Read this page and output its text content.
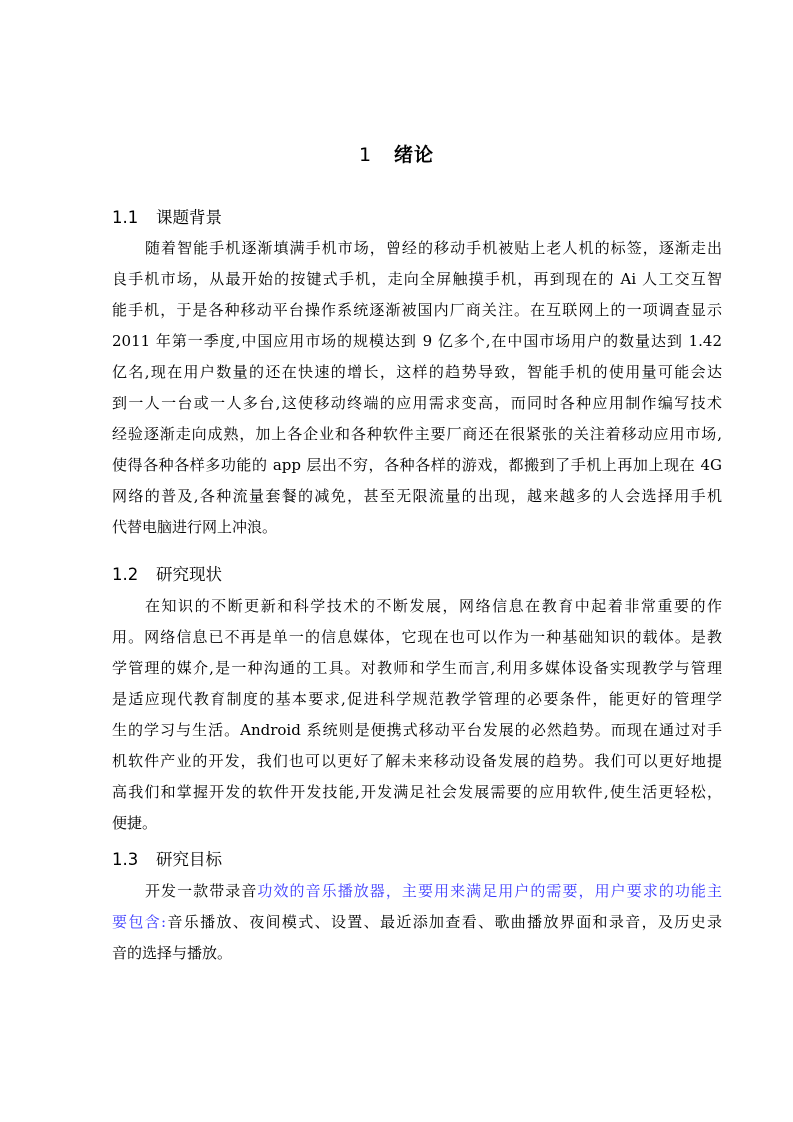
1 绪论
1.1 课题背景
随着智能手机逐渐填满手机市场，曾经的移动手机被贴上老人机的标签，逐渐走出
良手机市场，从最开始的按键式手机，走向全屏触摸手机，再到现在的 Ai 人工交互智
能手机，于是各种移动平台操作系统逐渐被国内厂商关注。在互联网上的一项调查显示
2011 年第一季度,中国应用市场的规模达到 9 亿多个,在中国市场用户的数量达到 1.42
亿名,现在用户数量的还在快速的增长，这样的趋势导致，智能手机的使用量可能会达
到一人一台或一人多台,这使移动终端的应用需求变高，而同时各种应用制作编写技术
经验逐渐走向成熟，加上各企业和各种软件主要厂商还在很紧张的关注着移动应用市场,
使得各种各样多功能的 app 层出不穷，各种各样的游戏，都搬到了手机上再加上现在 4G
网络的普及,各种流量套餐的减免，甚至无限流量的出现，越来越多的人会选择用手机
代替电脑进行网上冲浪。
1.2 研究现状
在知识的不断更新和科学技术的不断发展，网络信息在教育中起着非常重要的作
用。网络信息已不再是单一的信息媒体，它现在也可以作为一种基础知识的载体。是教
学管理的媒介,是一种沟通的工具。对教师和学生而言,利用多媒体设备实现教学与管理
是适应现代教育制度的基本要求,促进科学规范教学管理的必要条件，能更好的管理学
生的学习与生活。Android 系统则是便携式移动平台发展的必然趋势。而现在通过对手
机软件产业的开发，我们也可以更好了解未来移动设备发展的趋势。我们可以更好地提
高我们和掌握开发的软件开发技能,开发满足社会发展需要的应用软件,使生活更轻松，
便捷。
1.3 研究目标
开发一款带录音功效的音乐播放器，主要用来满足用户的需要，用户要求的功能主
要包含:音乐播放、夜间模式、设置、最近添加查看、歌曲播放界面和录音，及历史录
音的选择与播放。
